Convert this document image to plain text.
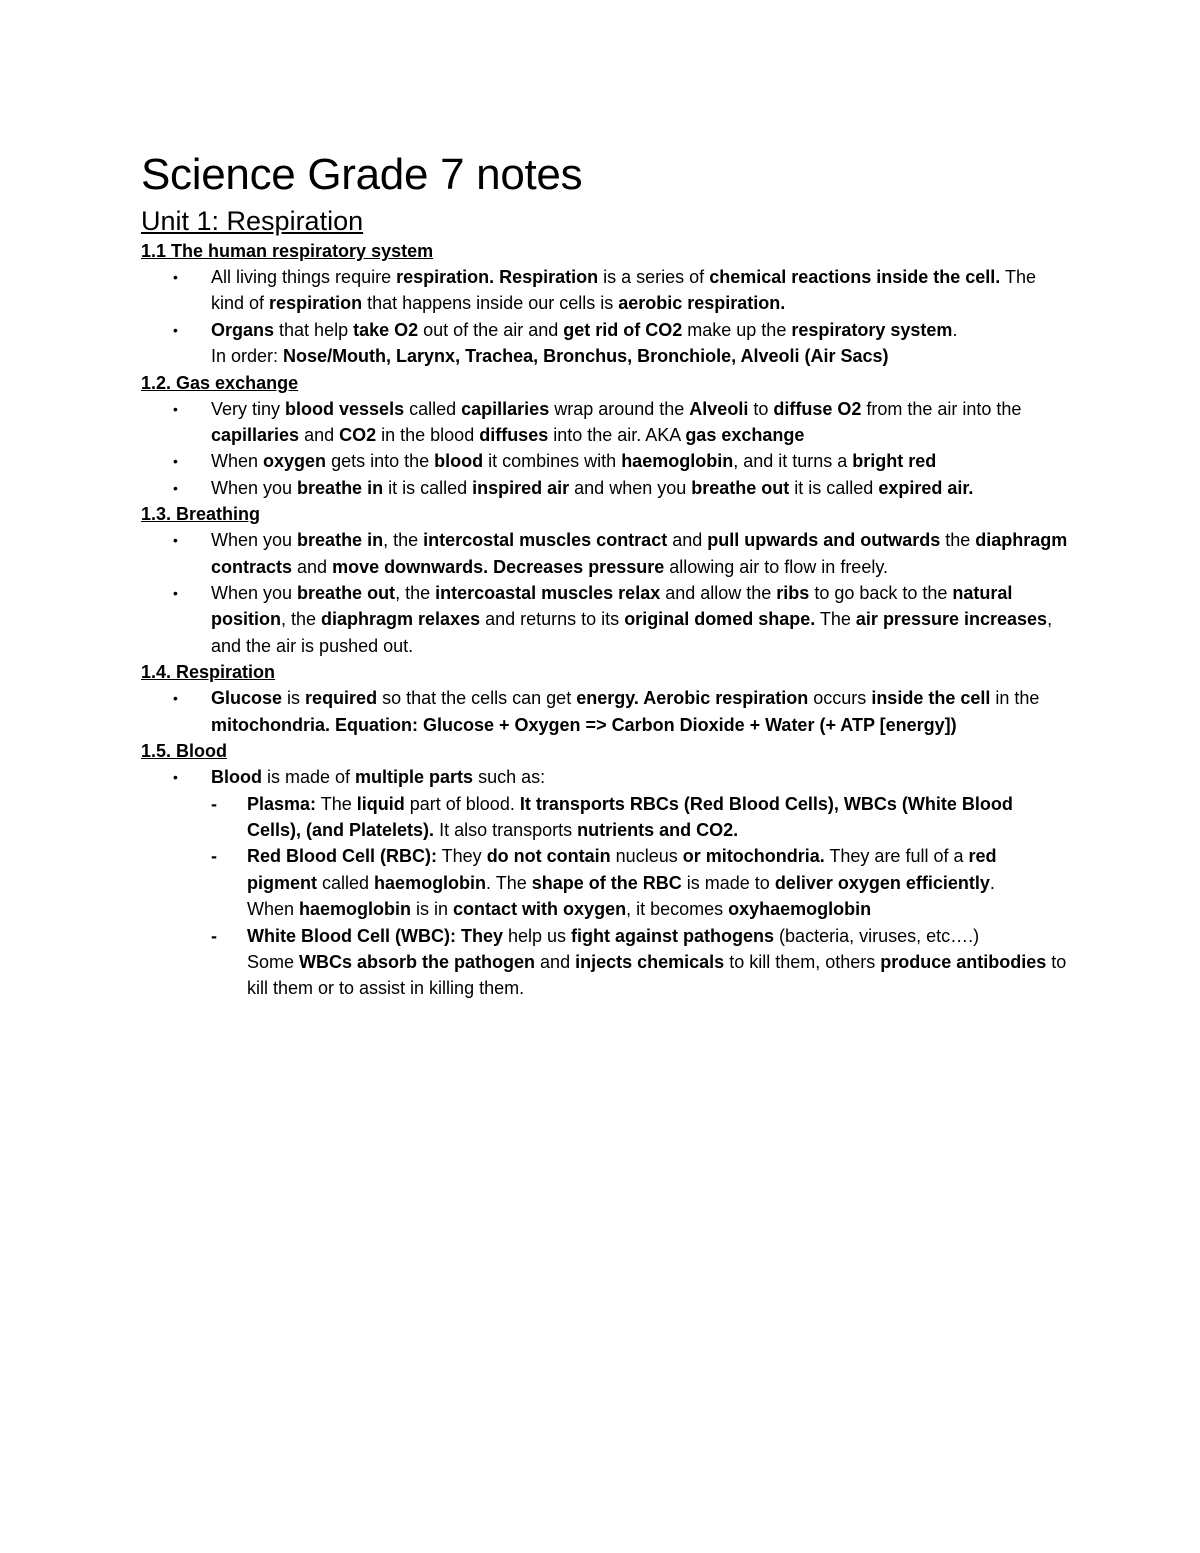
Science Grade 7 notes
Unit 1: Respiration
1.1 The human respiratory system
• All living things require respiration. Respiration is a series of chemical reactions inside the cell. The kind of respiration that happens inside our cells is aerobic respiration.
• Organs that help take O2 out of the air and get rid of CO2 make up the respiratory system.
In order: Nose/Mouth, Larynx, Trachea, Bronchus, Bronchiole, Alveoli (Air Sacs)
1.2. Gas exchange
• Very tiny blood vessels called capillaries wrap around the Alveoli to diffuse O2 from the air into the capillaries and CO2 in the blood diffuses into the air. AKA gas exchange
• When oxygen gets into the blood it combines with haemoglobin, and it turns a bright red
• When you breathe in it is called inspired air and when you breathe out it is called expired air.
1.3. Breathing
• When you breathe in, the intercostal muscles contract and pull upwards and outwards the diaphragm contracts and move downwards. Decreases pressure allowing air to flow in freely.
• When you breathe out, the intercoastal muscles relax and allow the ribs to go back to the natural position, the diaphragm relaxes and returns to its original domed shape. The air pressure increases, and the air is pushed out.
1.4. Respiration
• Glucose is required so that the cells can get energy. Aerobic respiration occurs inside the cell in the mitochondria. Equation: Glucose + Oxygen => Carbon Dioxide + Water (+ ATP [energy])
1.5. Blood
• Blood is made of multiple parts such as:
- Plasma: The liquid part of blood. It transports RBCs (Red Blood Cells), WBCs (White Blood Cells), (and Platelets). It also transports nutrients and CO2.
- Red Blood Cell (RBC): They do not contain nucleus or mitochondria. They are full of a red pigment called haemoglobin. The shape of the RBC is made to deliver oxygen efficiently.
When haemoglobin is in contact with oxygen, it becomes oxyhaemoglobin
- White Blood Cell (WBC): They help us fight against pathogens (bacteria, viruses, etc….)
Some WBCs absorb the pathogen and injects chemicals to kill them, others produce antibodies to kill them or to assist in killing them.
